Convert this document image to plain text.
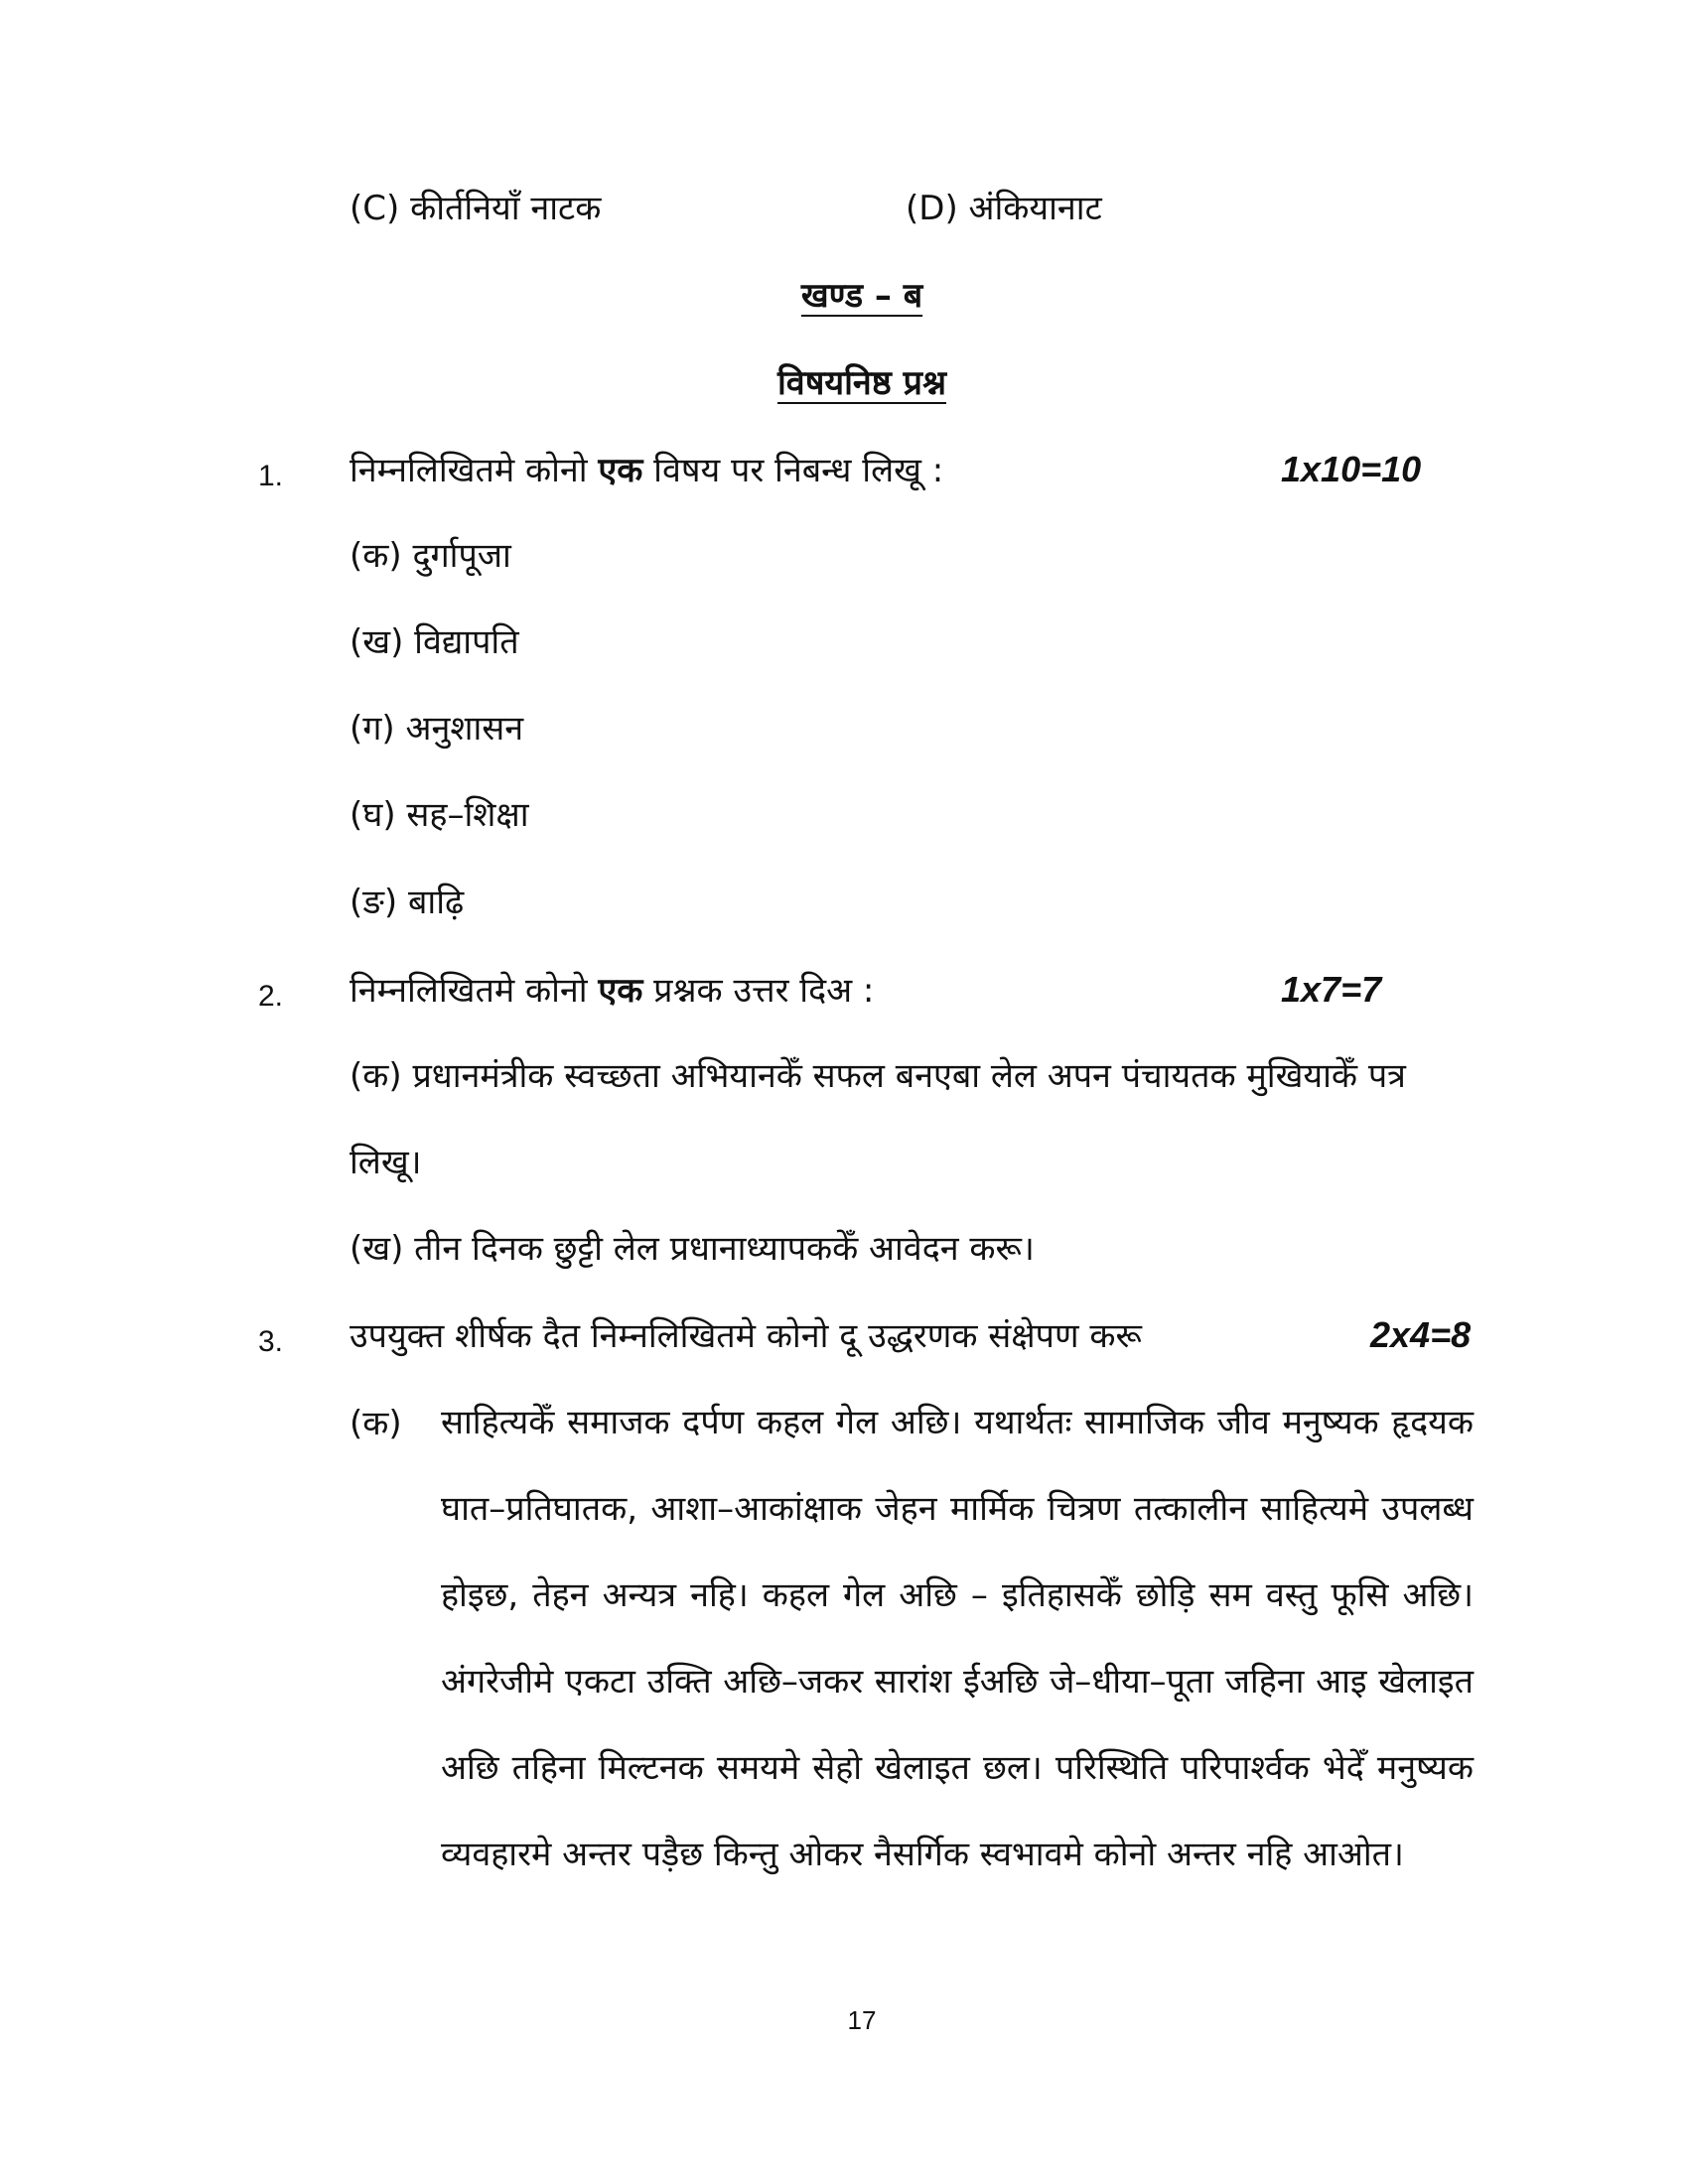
(C) कीर्तनियाँ नाटक	(D) अंकियानाट
खण्ड – ब
विषयनिष्ठ प्रश्न
1. निम्नलिखितमे कोनो एक विषय पर निबन्ध लिखू :	1x10=10
(क) दुर्गापूजा
(ख) विद्यापति
(ग) अनुशासन
(घ) सह–शिक्षा
(ङ) बाढ़ि
2. निम्नलिखितमे कोनो एक प्रश्नक उत्तर दिअ :	1x7=7
(क) प्रधानमंत्रीक स्वच्छता अभियानकेँ सफल बनएबा लेल अपन पंचायतक मुखियाकेँ पत्र
लिखू।
(ख) तीन दिनक छुट्टी लेल प्रधानाध्यापककेँ आवेदन करू।
3. उपयुक्त शीर्षक दैत निम्नलिखितमे कोनो दू उद्धरणक संक्षेपण करू	2x4=8
(क) साहित्यकेँ समाजक दर्पण कहल गेल अछि। यथार्थतः सामाजिक जीव मनुष्यक हृदयक घात–प्रतिघातक, आशा–आकांक्षाक जेहन मार्मिक चित्रण तत्कालीन साहित्यमे उपलब्ध होइछ, तेहन अन्यत्र नहि। कहल गेल अछि – इतिहासकेँ छोड़ि सम वस्तु फूसि अछि। अंगरेजीमे एकटा उक्ति अछि–जकर सारांश ईअछि जे–धीया–पूता जहिना आइ खेलाइत अछि तहिना मिल्टनक समयमे सेहो खेलाइत छल। परिस्थिति परिपार्श्वक भेदेँ मनुष्यक व्यवहारमे अन्तर पड़ैछ किन्तु ओकर नैसर्गिक स्वभावमे कोनो अन्तर नहि आओत।
17
